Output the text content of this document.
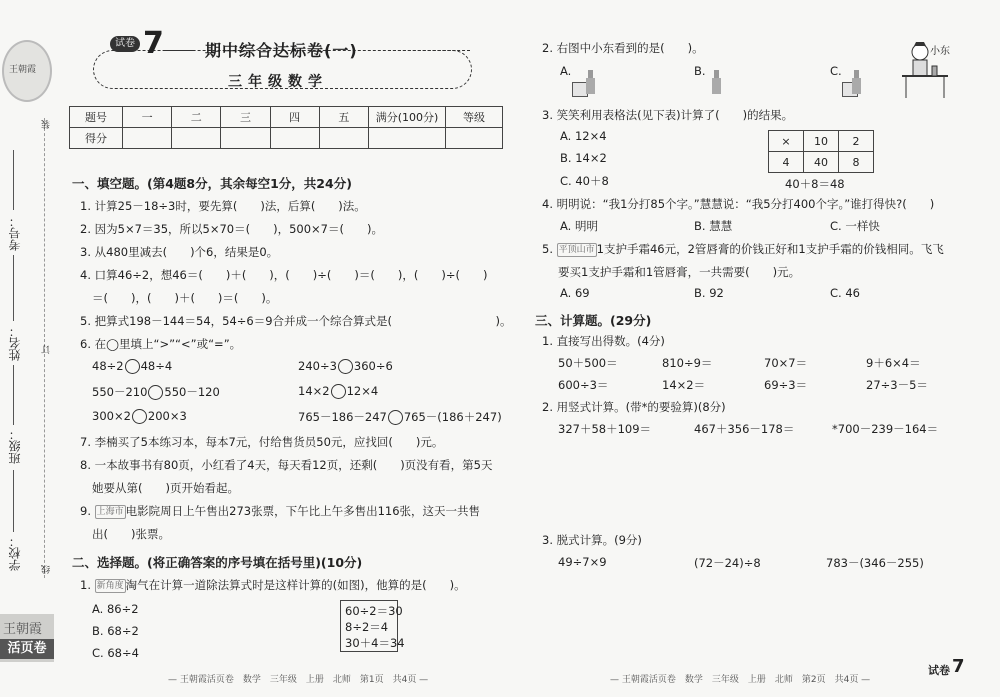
王朝霞
装
订
线
考号：
姓名：
班级：
学校：
王朝霞
活页卷
试卷 7	期中综合达标卷(一)
三年级数学
题号	一	二	三	四	五	满分(100分)	等级
得分							
一、填空题。(第4题8分，其余每空1分，共24分)
1. 计算25－18÷3时，要先算(　　)法，后算(　　)法。
2. 因为5×7＝35，所以5×70＝(　　)，500×7＝(　　)。
3. 从480里减去(　　)个6，结果是0。
4. 口算46÷2，想46＝(　　)＋(　　)，(　　)÷(　　)＝(　　)，(　　)÷(　　)
＝(　　)，(　　)＋(　　)＝(　　)。
5. 把算式198－144＝54，54÷6＝9合并成一个综合算式是(　　　　　　　　　)。
6. 在◯里填上“>”“<”或“=”。
48÷2 48÷4	240÷3 360÷6
550－210 550－120	14×2 12×4
300×2 200×3	765－186－247 765－(186＋247)
7. 李楠买了5本练习本，每本7元，付给售货员50元，应找回(　　)元。
8. 一本故事书有80页，小红看了4天，每天看12页，还剩(　　)页没有看，第5天
她要从第(　　)页开始看起。
9. 上海市 电影院周日上午售出273张票，下午比上午多售出116张，这天一共售
出(　　)张票。
二、选择题。(将正确答案的序号填在括号里)(10分)
1. 新角度 淘气在计算一道除法算式时是这样计算的(如图)，他算的是(　　)。
A. 86÷2
B. 68÷2
C. 68÷4
60÷2＝30
8÷2＝4
30＋4＝34
— 王朝霞活页卷　数学　三年级　上册　北师　第1页　共4页 —
2. 右图中小东看到的是(　　)。
A.	B.	C.
小东
3. 笑笑利用表格法(见下表)计算了(　　)的结果。
A. 12×4
B. 14×2
C. 40＋8
×	10	2
4	40	8
40＋8＝48
4. 明明说：“我1分打85个字。”慧慧说：“我5分打400个字。”谁打得快?(　　)
A. 明明	B. 慧慧	C. 一样快
5. 平顶山市 1支护手霜46元，2管唇膏的价钱正好和1支护手霜的价钱相同。飞飞
要买1支护手霜和1管唇膏，一共需要(　　)元。
A. 69	B. 92	C. 46
三、计算题。(29分)
1. 直接写出得数。(4分)
50＋500＝	810÷9＝	70×7＝	9＋6×4＝
600÷3＝	14×2＝	69÷3＝	27÷3－5＝
2. 用竖式计算。(带*的要验算)(8分)
327＋58＋109＝	467＋356－178＝	*700－239－164＝
3. 脱式计算。(9分)
49÷7×9	(72－24)÷8	783－(346－255)
— 王朝霞活页卷　数学　三年级　上册　北师　第2页　共4页 —
试卷 7
